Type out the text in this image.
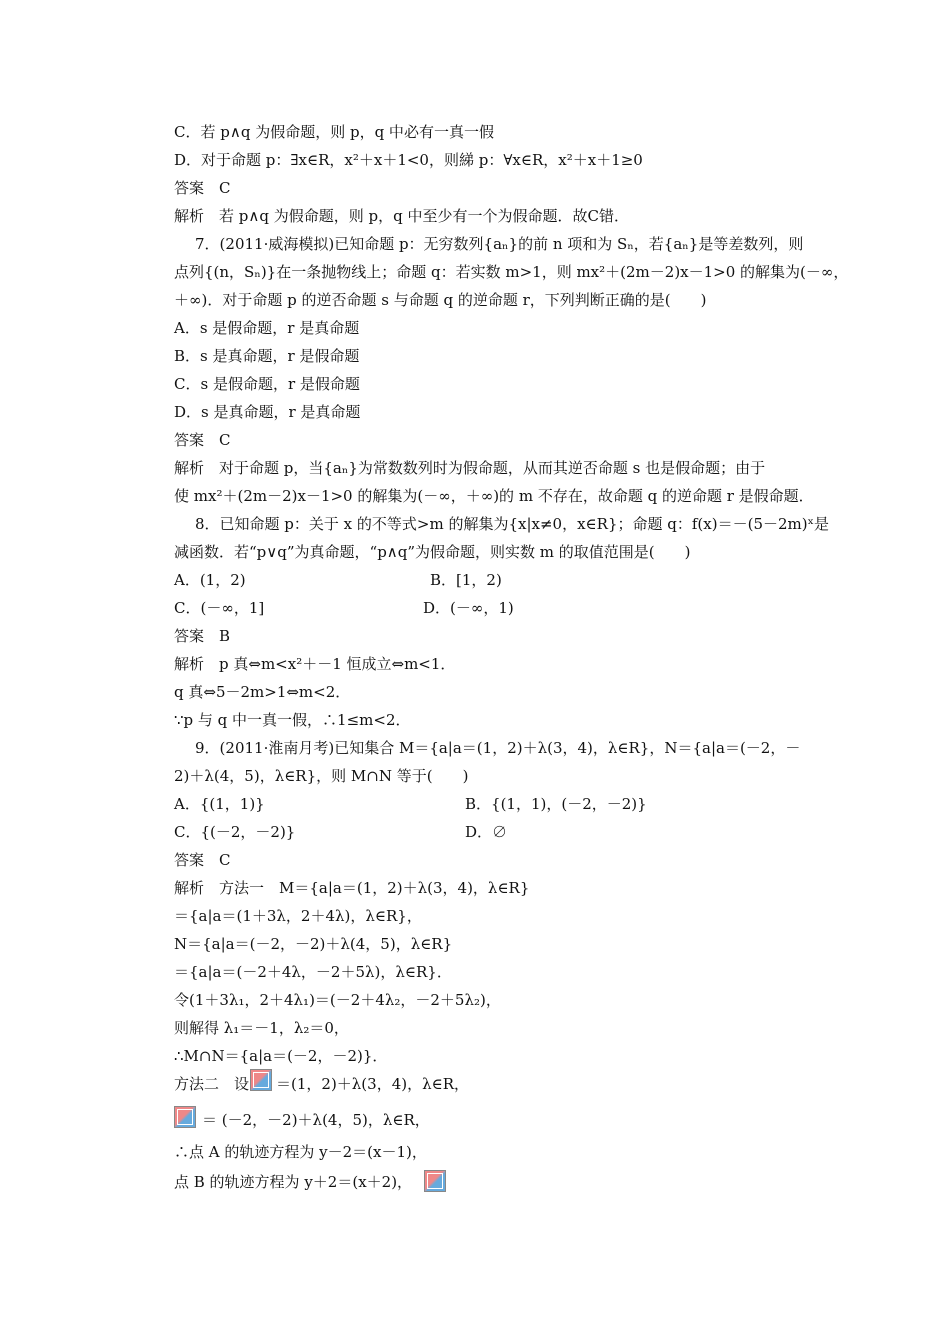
C．若 p∧q 为假命题，则 p，q 中必有一真一假
D．对于命题 p：∃x∈R，x²＋x＋1<0，则綈 p：∀x∈R，x²＋x＋1≥0
答案　C
解析　若 p∧q 为假命题，则 p，q 中至少有一个为假命题．故C错．
7．(2011·威海模拟)已知命题 p：无穷数列{aₙ}的前 n 项和为 Sₙ，若{aₙ}是等差数列，则
点列{(n，Sₙ)}在一条抛物线上；命题 q：若实数 m>1，则 mx²＋(2m－2)x－1>0 的解集为(－∞，
＋∞)．对于命题 p 的逆否命题 s 与命题 q 的逆命题 r，下列判断正确的是(　　)
A．s 是假命题，r 是真命题
B．s 是真命题，r 是假命题
C．s 是假命题，r 是假命题
D．s 是真命题，r 是真命题
答案　C
解析　对于命题 p，当{aₙ}为常数数列时为假命题，从而其逆否命题 s 也是假命题；由于
使 mx²＋(2m－2)x－1>0 的解集为(－∞，＋∞)的 m 不存在，故命题 q 的逆命题 r 是假命题．
8．已知命题 p：关于 x 的不等式>m 的解集为{x|x≠0，x∈R}；命题 q：f(x)＝－(5－2m)ˣ是
减函数．若“p∨q”为真命题，“p∧q”为假命题，则实数 m 的取值范围是(　　)
A．(1，2)	B．[1，2)
C．(－∞，1]	D．(－∞，1)
答案　B
解析　p 真⇔m<x²＋－1 恒成立⇔m<1．
q 真⇔5－2m>1⇔m<2．
∵p 与 q 中一真一假，∴1≤m<2．
9．(2011·淮南月考)已知集合 M＝{a|a＝(1，2)＋λ(3，4)，λ∈R}，N＝{a|a＝(－2，－
2)＋λ(4，5)，λ∈R}，则 M∩N 等于(　　)
A．{(1，1)}	B．{(1，1)，(－2，－2)}
C．{(－2，－2)}	D．∅
答案　C
解析　方法一　M＝{a|a＝(1，2)＋λ(3，4)，λ∈R}
＝{a|a＝(1＋3λ，2＋4λ)，λ∈R}，
N＝{a|a＝(－2，－2)＋λ(4，5)，λ∈R}
＝{a|a＝(－2＋4λ，－2＋5λ)，λ∈R}．
令(1＋3λ₁，2＋4λ₁)＝(－2＋4λ₂，－2＋5λ₂)，
则解得 λ₁＝－1，λ₂＝0，
∴M∩N＝{a|a＝(－2，－2)}．
方法二　设 ＝(1，2)＋λ(3，4)，λ∈R，
＝ (－2，－2)＋λ(4，5)，λ∈R，
∴点 A 的轨迹方程为 y－2＝(x－1)，
点 B 的轨迹方程为 y＋2＝(x＋2)，
